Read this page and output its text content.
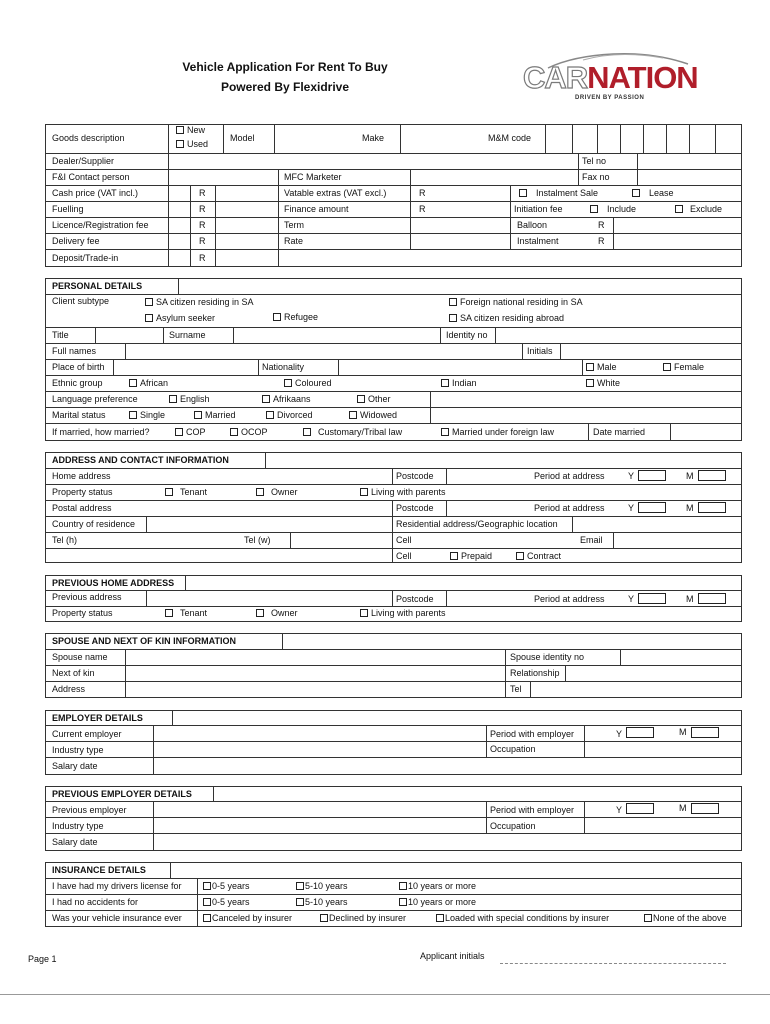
Vehicle Application For Rent To Buy
Powered By Flexidrive	CARNATION
DRIVEN BY PASSION
Goods description
New
Used
Model	Make	M&M code
Dealer/Supplier	Tel no
F&I Contact person	MFC Marketer	Fax no
Cash price (VAT incl.)	R	Vatable extras (VAT excl.)	R	Instalment Sale	Lease
Fuelling	R	Finance amount	R	Initiation fee	Include	Exclude
Licence/Registration fee	R	Term	Balloon	R
Delivery fee	R	Rate	Instalment	R
Deposit/Trade-in	R
PERSONAL DETAILS
Client subtype	SA citizen residing in SA	Foreign national residing in SA
Asylum seeker	Refugee	SA citizen residing abroad
Title	Surname	Identity no
Full names	Initials
Place of birth	Nationality	Male	Female
Ethnic group	African	Coloured	Indian	White
Language preference	English	Afrikaans	Other
Marital status	Single	Married	Divorced	Widowed
If married, how married?	COP	OCOP	Customary/Tribal law	Married under foreign law	Date married
ADDRESS AND CONTACT INFORMATION
Home address	Postcode	Period at address	Y	M
Property status	Tenant	Owner	Living with parents
Postal address	Postcode	Period at address	Y	M
Country of residence	Residential address/Geographic location
Tel (h)	Tel (w)	Cell	Email
Cell	Prepaid	Contract
PREVIOUS HOME ADDRESS
Previous address	Postcode	Period at address	Y	M
Property status	Tenant	Owner	Living with parents
SPOUSE AND NEXT OF KIN INFORMATION
Spouse name	Spouse identity no
Next of kin	Relationship
Address	Tel
EMPLOYER DETAILS
Current employer	Period with employer	Y	M
Industry type	Occupation
Salary date
PREVIOUS EMPLOYER DETAILS
Previous employer	Period with employer	Y	M
Industry type	Occupation
Salary date
INSURANCE DETAILS
I have had my drivers license for	0-5 years	5-10 years	10 years or more
I had no accidents for	0-5 years	5-10 years	10 years or more
Was your vehicle insurance ever	Canceled by insurer	Declined by insurer	Loaded with special conditions by insurer	None of the above
Page 1	Applicant initials
